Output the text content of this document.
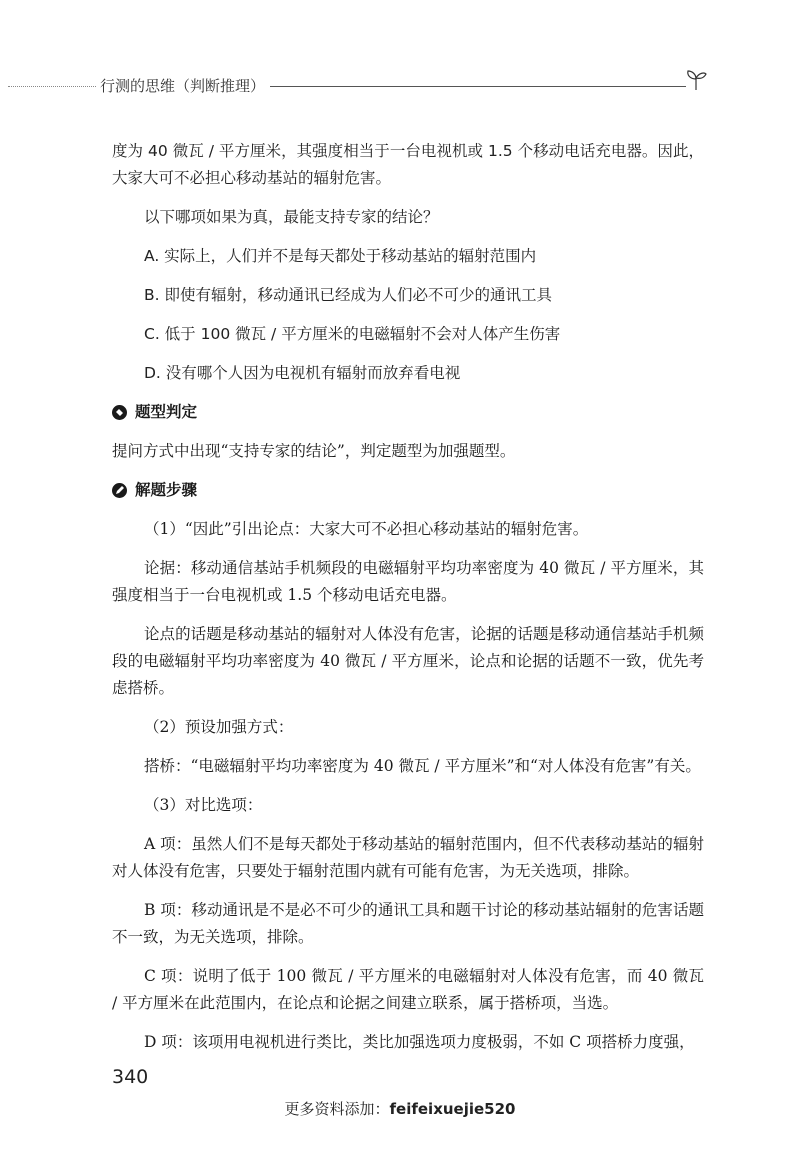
行测的思维（判断推理）

度为 40 微瓦 / 平方厘米，其强度相当于一台电视机或 1.5 个移动电话充电器。因此，大家大可不必担心移动基站的辐射危害。

以下哪项如果为真，最能支持专家的结论？

A. 实际上，人们并不是每天都处于移动基站的辐射范围内

B. 即使有辐射，移动通讯已经成为人们必不可少的通讯工具

C. 低于 100 微瓦 / 平方厘米的电磁辐射不会对人体产生伤害

D. 没有哪个人因为电视机有辐射而放弃看电视

题型判定

提问方式中出现“支持专家的结论”，判定题型为加强题型。

解题步骤

（1）“因此”引出论点：大家大可不必担心移动基站的辐射危害。

论据：移动通信基站手机频段的电磁辐射平均功率密度为 40 微瓦 / 平方厘米，其强度相当于一台电视机或 1.5 个移动电话充电器。

论点的话题是移动基站的辐射对人体没有危害，论据的话题是移动通信基站手机频段的电磁辐射平均功率密度为 40 微瓦 / 平方厘米，论点和论据的话题不一致，优先考虑搭桥。

（2）预设加强方式：

搭桥：“电磁辐射平均功率密度为 40 微瓦 / 平方厘米”和“对人体没有危害”有关。

（3）对比选项：

A 项：虽然人们不是每天都处于移动基站的辐射范围内，但不代表移动基站的辐射对人体没有危害，只要处于辐射范围内就有可能有危害，为无关选项，排除。

B 项：移动通讯是不是必不可少的通讯工具和题干讨论的移动基站辐射的危害话题不一致，为无关选项，排除。

C 项：说明了低于 100 微瓦 / 平方厘米的电磁辐射对人体没有危害，而 40 微瓦 / 平方厘米在此范围内，在论点和论据之间建立联系，属于搭桥项，当选。

D 项：该项用电视机进行类比，类比加强选项力度极弱，不如 C 项搭桥力度强，

340
更多资料添加：feifeixuejie520
